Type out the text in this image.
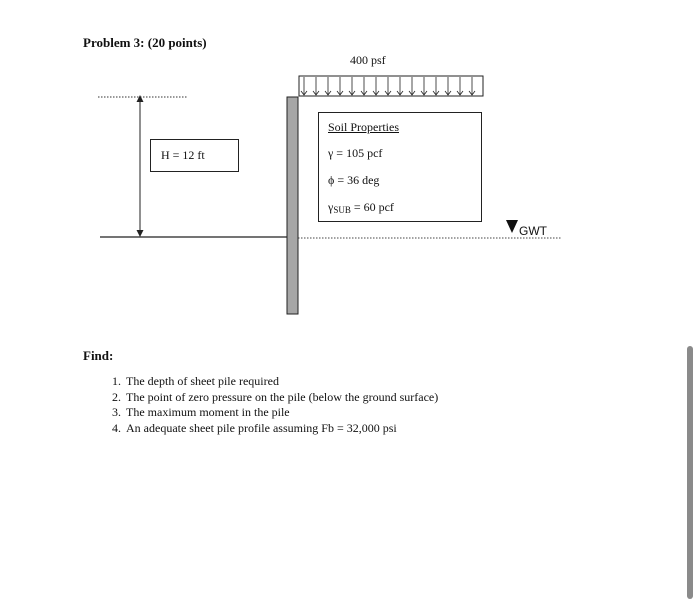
Problem 3: (20 points)
400 psf
H = 12 ft
Soil Properties
γ = 105 pcf
ϕ = 36 deg
γSUB = 60 pcf
GWT
Find:
1. The depth of sheet pile required
2. The point of zero pressure on the pile (below the ground surface)
3. The maximum moment in the pile
4. An adequate sheet pile profile assuming Fb = 32,000 psi
